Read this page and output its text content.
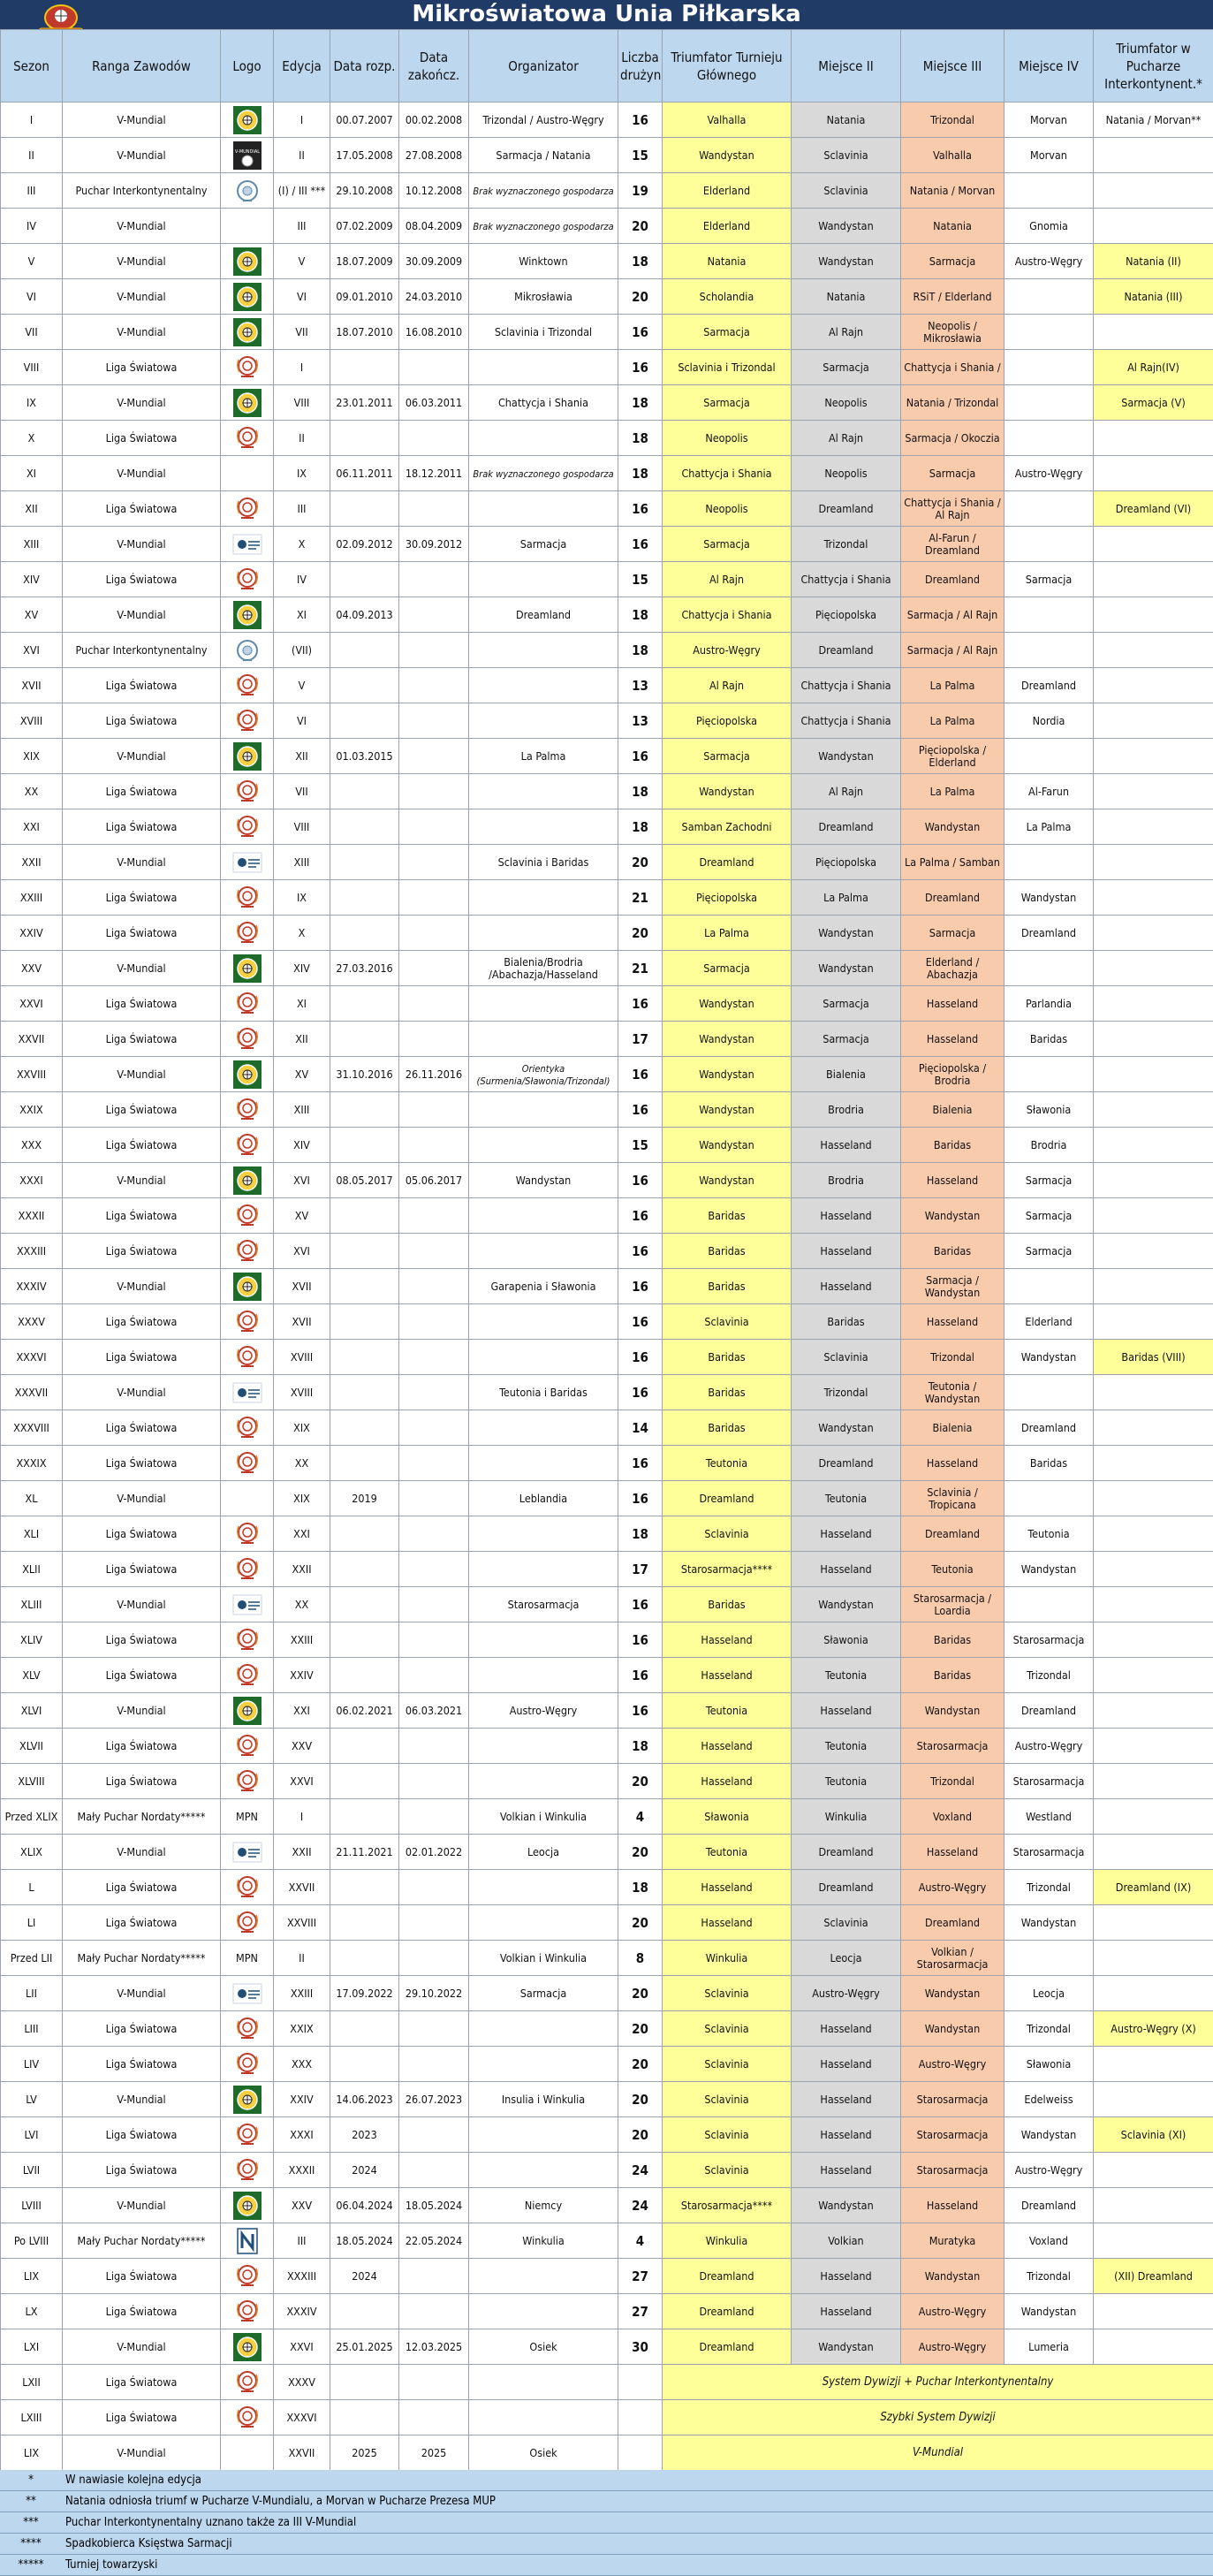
Mikroświatowa Unia Piłkarska
Sezon	Ranga Zawodów	Logo	Edycja	Data rozp.	Data zakończ.	Organizator	Liczba drużyn	Triumfator Turnieju Głównego	Miejsce II	Miejsce III	Miejsce IV	Triumfator w Pucharze Interkontynent.*
I	V-Mundial		I	00.07.2007	00.02.2008	Trizondal / Austro-Węgry	16	Valhalla	Natania	Trizondal	Morvan	Natania / Morvan**
II	V-Mundial	V-MUNDIAL	II	17.05.2008	27.08.2008	Sarmacja / Natania	15	Wandystan	Sclavinia	Valhalla	Morvan	
III	Puchar Interkontynentalny		(I) / III ***	29.10.2008	10.12.2008	Brak wyznaczonego gospodarza	19	Elderland	Sclavinia	Natania / Morvan		
IV	V-Mundial		III	07.02.2009	08.04.2009	Brak wyznaczonego gospodarza	20	Elderland	Wandystan	Natania	Gnomia	
V	V-Mundial		V	18.07.2009	30.09.2009	Winktown	18	Natania	Wandystan	Sarmacja	Austro-Węgry	Natania (II)
VI	V-Mundial		VI	09.01.2010	24.03.2010	Mikrosławia	20	Scholandia	Natania	RSiT / Elderland		Natania (III)
VII	V-Mundial		VII	18.07.2010	16.08.2010	Sclavinia i Trizondal	16	Sarmacja	Al Rajn	Neopolis / Mikrosławia		
VIII	Liga Światowa		I				16	Sclavinia i Trizondal	Sarmacja	Chattycja i Shania /		Al Rajn(IV)
IX	V-Mundial		VIII	23.01.2011	06.03.2011	Chattycja i Shania	18	Sarmacja	Neopolis	Natania / Trizondal		Sarmacja (V)
X	Liga Światowa		II				18	Neopolis	Al Rajn	Sarmacja / Okoczia		
XI	V-Mundial		IX	06.11.2011	18.12.2011	Brak wyznaczonego gospodarza	18	Chattycja i Shania	Neopolis	Sarmacja	Austro-Węgry	
XII	Liga Światowa		III				16	Neopolis	Dreamland	Chattycja i Shania / Al Rajn		Dreamland (VI)
XIII	V-Mundial		X	02.09.2012	30.09.2012	Sarmacja	16	Sarmacja	Trizondal	Al-Farun / Dreamland		
XIV	Liga Światowa		IV				15	Al Rajn	Chattycja i Shania	Dreamland	Sarmacja	
XV	V-Mundial		XI	04.09.2013		Dreamland	18	Chattycja i Shania	Pięciopolska	Sarmacja / Al Rajn		
XVI	Puchar Interkontynentalny		(VII)				18	Austro-Węgry	Dreamland	Sarmacja / Al Rajn		
XVII	Liga Światowa		V				13	Al Rajn	Chattycja i Shania	La Palma	Dreamland	
XVIII	Liga Światowa		VI				13	Pięciopolska	Chattycja i Shania	La Palma	Nordia	
XIX	V-Mundial		XII	01.03.2015		La Palma	16	Sarmacja	Wandystan	Pięciopolska / Elderland		
XX	Liga Światowa		VII				18	Wandystan	Al Rajn	La Palma	Al-Farun	
XXI	Liga Światowa		VIII				18	Samban Zachodni	Dreamland	Wandystan	La Palma	
XXII	V-Mundial		XIII			Sclavinia i Baridas	20	Dreamland	Pięciopolska	La Palma / Samban		
XXIII	Liga Światowa		IX				21	Pięciopolska	La Palma	Dreamland	Wandystan	
XXIV	Liga Światowa		X				20	La Palma	Wandystan	Sarmacja	Dreamland	
XXV	V-Mundial		XIV	27.03.2016		Bialenia/Brodria /Abachazja/Hasseland	21	Sarmacja	Wandystan	Elderland / Abachazja		
XXVI	Liga Światowa		XI				16	Wandystan	Sarmacja	Hasseland	Parlandia	
XXVII	Liga Światowa		XII				17	Wandystan	Sarmacja	Hasseland	Baridas	
XXVIII	V-Mundial		XV	31.10.2016	26.11.2016	Orientyka (Surmenia/Sławonia/Trizondal)	16	Wandystan	Bialenia	Pięciopolska / Brodria		
XXIX	Liga Światowa		XIII				16	Wandystan	Brodria	Bialenia	Sławonia	
XXX	Liga Światowa		XIV				15	Wandystan	Hasseland	Baridas	Brodria	
XXXI	V-Mundial		XVI	08.05.2017	05.06.2017	Wandystan	16	Wandystan	Brodria	Hasseland	Sarmacja	
XXXII	Liga Światowa		XV				16	Baridas	Hasseland	Wandystan	Sarmacja	
XXXIII	Liga Światowa		XVI				16	Baridas	Hasseland	Baridas	Sarmacja	
XXXIV	V-Mundial		XVII			Garapenia i Sławonia	16	Baridas	Hasseland	Sarmacja / Wandystan		
XXXV	Liga Światowa		XVII				16	Sclavinia	Baridas	Hasseland	Elderland	
XXXVI	Liga Światowa		XVIII				16	Baridas	Sclavinia	Trizondal	Wandystan	Baridas (VIII)
XXXVII	V-Mundial		XVIII			Teutonia i Baridas	16	Baridas	Trizondal	Teutonia / Wandystan		
XXXVIII	Liga Światowa		XIX				14	Baridas	Wandystan	Bialenia	Dreamland	
XXXIX	Liga Światowa		XX				16	Teutonia	Dreamland	Hasseland	Baridas	
XL	V-Mundial		XIX	2019		Leblandia	16	Dreamland	Teutonia	Sclavinia / Tropicana		
XLI	Liga Światowa		XXI				18	Sclavinia	Hasseland	Dreamland	Teutonia	
XLII	Liga Światowa		XXII				17	Starosarmacja****	Hasseland	Teutonia	Wandystan	
XLIII	V-Mundial		XX			Starosarmacja	16	Baridas	Wandystan	Starosarmacja / Loardia		
XLIV	Liga Światowa		XXIII				16	Hasseland	Sławonia	Baridas	Starosarmacja	
XLV	Liga Światowa		XXIV				16	Hasseland	Teutonia	Baridas	Trizondal	
XLVI	V-Mundial		XXI	06.02.2021	06.03.2021	Austro-Węgry	16	Teutonia	Hasseland	Wandystan	Dreamland	
XLVII	Liga Światowa		XXV				18	Hasseland	Teutonia	Starosarmacja	Austro-Węgry	
XLVIII	Liga Światowa		XXVI				20	Hasseland	Teutonia	Trizondal	Starosarmacja	
Przed XLIX	Mały Puchar Nordaty*****	MPN	I			Volkian i Winkulia	4	Sławonia	Winkulia	Voxland	Westland	
XLIX	V-Mundial		XXII	21.11.2021	02.01.2022	Leocja	20	Teutonia	Dreamland	Hasseland	Starosarmacja	
L	Liga Światowa		XXVII				18	Hasseland	Dreamland	Austro-Węgry	Trizondal	Dreamland (IX)
LI	Liga Światowa		XXVIII				20	Hasseland	Sclavinia	Dreamland	Wandystan	
Przed LII	Mały Puchar Nordaty*****	MPN	II			Volkian i Winkulia	8	Winkulia	Leocja	Volkian / Starosarmacja		
LII	V-Mundial		XXIII	17.09.2022	29.10.2022	Sarmacja	20	Sclavinia	Austro-Węgry	Wandystan	Leocja	
LIII	Liga Światowa		XXIX				20	Sclavinia	Hasseland	Wandystan	Trizondal	Austro-Węgry (X)
LIV	Liga Światowa		XXX				20	Sclavinia	Hasseland	Austro-Węgry	Sławonia	
LV	V-Mundial		XXIV	14.06.2023	26.07.2023	Insulia i Winkulia	20	Sclavinia	Hasseland	Starosarmacja	Edelweiss	
LVI	Liga Światowa		XXXI	2023			20	Sclavinia	Hasseland	Starosarmacja	Wandystan	Sclavinia (XI)
LVII	Liga Światowa		XXXII	2024			24	Sclavinia	Hasseland	Starosarmacja	Austro-Węgry	
LVIII	V-Mundial		XXV	06.04.2024	18.05.2024	Niemcy	24	Starosarmacja****	Wandystan	Hasseland	Dreamland	
Po LVIII	Mały Puchar Nordaty*****		III	18.05.2024	22.05.2024	Winkulia	4	Winkulia	Volkian	Muratyka	Voxland	
LIX	Liga Światowa		XXXIII	2024			27	Dreamland	Hasseland	Wandystan	Trizondal	(XII) Dreamland
LX	Liga Światowa		XXXIV				27	Dreamland	Hasseland	Austro-Węgry	Wandystan	
LXI	V-Mundial		XXVI	25.01.2025	12.03.2025	Osiek	30	Dreamland	Wandystan	Austro-Węgry	Lumeria	
LXII	Liga Światowa		XXXV					System Dywizji + Puchar Interkontynentalny				
LXIII	Liga Światowa		XXXVI					Szybki System Dywizji				
LIX	V-Mundial		XXVII	2025	2025	Osiek		V-Mundial				
*	W nawiasie kolejna edycja
**	Natania odniosła triumf w Pucharze V-Mundialu, a Morvan w Pucharze Prezesa MUP
***	Puchar Interkontynentalny uznano także za III V-Mundial
****	Spadkobierca Księstwa Sarmacji
*****	Turniej towarzyski
